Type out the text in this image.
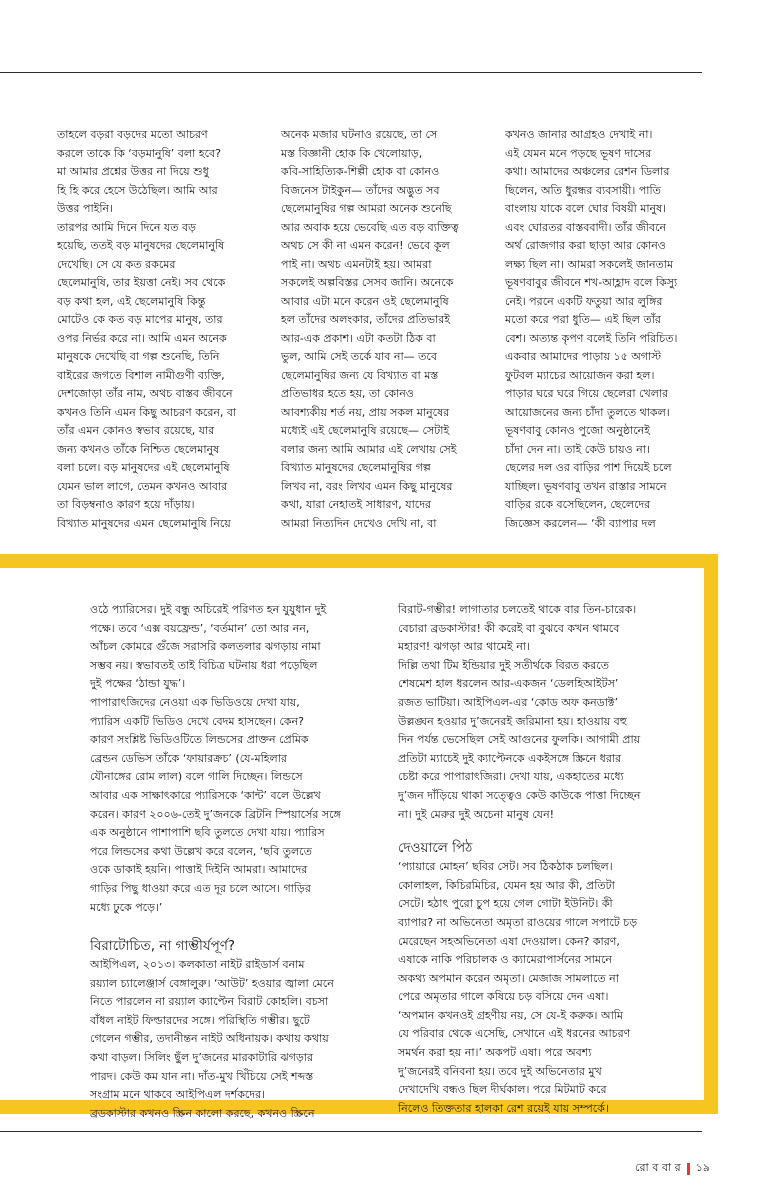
তাহলে বড়রা বড়দের মতো আচরণ

করলে তাকে কি ‘বড়মানুষি’ বলা হবে?

মা আমার প্রশ্নের উত্তর না দিয়ে শুধু

হি হি করে হেসে উঠেছিল। আমি আর

উত্তর পাইনি।

তারপর আমি দিনে দিনে যত বড়

হয়েছি, ততই বড় মানুষদের ছেলেমানুষি

দেখেছি। সে যে কত রকমের

ছেলেমানুষি, তার ইয়ত্তা নেই। সব থেকে

বড় কথা হল, এই ছেলেমানুষি কিন্তু

মোটেও কে কত বড় মাপের মানুষ, তার

ওপর নির্ভর করে না। আমি এমন অনেক

মানুষকে দেখেছি বা গল্প শুনেছি, তিনি

বাইরের জগতে বিশাল নামীগুণী ব্যক্তি,

দেশজোড়া তাঁর নাম, অথচ বাস্তব জীবনে

কখনও তিনি এমন কিছু আচরণ করেন, বা

তাঁর এমন কোনও স্বভাব রয়েছে, যার

জন্য কখনও তাঁকে নিশ্চিত ছেলেমানুষ

বলা চলে। বড় মানুষদের এই ছেলেমানুষি

যেমন ভাল লাগে, তেমন কখনও আবার

তা বিড়ম্বনাও কারণ হয়ে দাঁড়ায়।

বিখ্যাত মানুষদের এমন ছেলেমানুষি নিয়ে

অনেক মজার ঘটনাও রয়েছে, তা সে

মস্ত বিজ্ঞানী হোক কি খেলোয়াড়,

কবি-সাহিত্যিক-শিল্পী হোক বা কোনও

বিজনেস টাইকুন— তাঁদের অদ্ভুত সব

ছেলেমানুষির গল্প আমরা অনেক শুনেছি

আর অবাক হয়ে ভেবেছি এত বড় ব্যক্তিত্ব

অথচ সে কী না এমন করেন! ভেবে কূল

পাই না। অথচ এমনটাই হয়। আমরা

সকলেই অল্পবিস্তর সেসব জানি। অনেকে

আবার এটা মনে করেন ওই ছেলেমানুষি

হল তাঁদের অলংকার, তাঁদের প্রতিভারই

আর-এক প্রকাশ। এটা কতটা ঠিক বা

ভুল, আমি সেই তর্কে যাব না— তবে

ছেলেমানুষির জন্য যে বিখ্যাত বা মস্ত

প্রতিভাধর হতে হয়, তা কোনও

আবশ্যকীয় শর্ত নয়, প্রায় সকল মানুষের

মধ্যেই এই ছেলেমানুষি রয়েছে— সেটাই

বলার জন্য আমি আমার এই লেখায় সেই

বিখ্যাত মানুষদের ছেলেমানুষির গল্প

লিখব না, বরং লিখব এমন কিছু মানুষের

কথা, যারা নেহাতই সাধারণ, যাদের

আমরা নিত্যদিন দেখেও দেখি না, বা

কখনও জানার আগ্রহও দেখাই না।

এই যেমন মনে পড়ছে ভূষণ দাসের

কথা। আমাদের অঞ্চলের রেশন ডিলার

ছিলেন, অতি ধুরন্ধর ব্যবসায়ী। পাতি

বাংলায় যাকে বলে ঘোর বিষয়ী মানুষ।

এবং ঘোরতর বাস্তববাদী। তাঁর জীবনে

অর্থ রোজগার করা ছাড়া আর কোনও

লক্ষ্য ছিল না। আমরা সকলেই জানতাম

ভূষণবাবুর জীবনে শখ-আহ্লাদ বলে কিস্যু

নেই। পরনে একটি ফতুয়া আর লুঙ্গির

মতো করে পরা ধুতি— এই ছিল তাঁর

বেশ। অত্যন্ত কৃপণ বলেই তিনি পরিচিত।

একবার আমাদের পাড়ায় ১৫ অগাস্ট

ফুটবল ম্যাচের আয়োজন করা হল।

পাড়ার ঘরে ঘরে গিয়ে ছেলেরা খেলার

আয়োজনের জন্য চাঁদা তুলতে থাকল।

ভূষণবাবু কোনও পুজো অনুষ্ঠানেই

চাঁদা দেন না। তাই কেউ চায়ও না।

ছেলের দল ওর বাড়ির পাশ দিয়েই চলে

যাচ্ছিল। ভূষণবাবু তখন রাস্তার সামনে

বাড়ির রকে বসেছিলেন, ছেলেদের

জিজ্ঞেস করলেন— ‘কী ব্যাপার দল

ওঠে প্যারিসের। দুই বন্ধু অচিরেই পরিণত হন যুযুধান দুই

পক্ষে। তবে ‘এক্স বয়ফ্রেন্ড’, ‘বর্তমান’ তো আর নন,

আঁচল কোমরে গুঁজে সরাসরি কলতলার ঝগড়ায় নামা

সম্ভব নয়। স্বভাবতই তাই বিচিত্র ঘটনায় ধরা পড়েছিল

দুই পক্ষের ‘ঠান্ডা যুদ্ধ’।

পাপারাৎজিদের নেওয়া এক ভিডিওয়ে দেখা যায়,

প্যারিস একটি ভিডিও দেখে বেদম হাসছেন। কেন?

কারণ সংশ্লিষ্ট ভিডিওটিতে লিন্ডসের প্রাক্তন প্রেমিক

ব্রেন্ডন ডেভিস তাঁকে ‘ফায়ারক্রচ’ (যে-মহিলার

যৌনাঙ্গের রোম লাল) বলে গালি দিচ্ছেন। লিন্ডসে

আবার এক সাক্ষাৎকারে প্যারিসকে ‘কান্ট’ বলে উল্লেখ

করেন। কারণ ২০০৬-তেই দু’জনকে ব্রিটনি স্পিয়ার্সের সঙ্গে

এক অনুষ্ঠানে পাশাপাশি ছবি তুলতে দেখা যায়। প্যারিস

পরে লিন্ডসের কথা উল্লেখ করে বলেন, ‘ছবি তুলতে

ওকে ডাকাই হয়নি। পাত্তাই দিইনি আমরা। আমাদের

গাড়ির পিছু ধাওয়া করে এত দূর চলে আসে। গাড়ির

মধ্যে ঢুকে পড়ে।’

বিরাটোচিত, না গাম্ভীর্যপূর্ণ?

আইপিএল, ২০১৩। কলকাতা নাইট রাইডার্স বনাম

রয়্যাল চ্যালেঞ্জার্স বেঙ্গালুরু। ‘আউট’ হওয়ার জ্বালা মেনে

নিতে পারলেন না রয়্যাল ক্যাপ্টেন বিরাট কোহলি। বচসা

বাঁধল নাইট ফিল্ডারদের সঙ্গে। পরিস্থিতি গম্ভীর। ছুটে

গেলেন গম্ভীর, তদানীন্তন নাইট অধিনায়ক। কথায় কথায়

কথা বাড়ল। সিলিং ছুঁল দু’জনের মারকাটারি ঝগড়ার

পারদ। কেউ কম যান না। দাঁত-মুখ খিঁচিয়ে সেই শব্দস্ত

সংগ্রাম মনে থাকবে আইপিএল দর্শকদের।

ব্রডকাস্টার কখনও স্ক্রিন কালো করছে, কখনও স্ক্রিনে

বিরাট-গম্ভীর! লাগাতার চলতেই থাকে বার তিন-চারেক।

বেচারা ব্রডকাস্টার! কী করেই বা বুঝবে কখন থামবে

মহারণ! ঝগড়া আর থামেই না।

দিল্লি তথা টিম ইন্ডিয়ার দুই সতীর্থকে বিরত করতে

শেষমেশ হাল ধরলেন আর-একজন ‘ডেলহিআইটস’

রজত ভাটিয়া। আইপিএল-এর ‘কোড অফ কনডাক্ট’

উল্লঙ্ঘন হওয়ার দু’জনেরই জরিমানা হয়। হাওয়ায় বহু

দিন পর্যন্ত ভেসেছিল সেই আগুনের ফুলকি। আগামী প্রায়

প্রতিটা ম্যাচেই দুই ক্যাপ্টেনকে একইসঙ্গে স্ক্রিনে ধরার

চেষ্টা করে পাপারাৎজিরা। দেখা যায়, একহাতের মধ্যে

দু’জন দাঁড়িয়ে থাকা সত্ত্বেও কেউ কাউকে পাত্তা দিচ্ছেন

না। দুই মেরুর দুই অচেনা মানুষ যেন!

দেওয়ালে পিঠ

‘প্যায়ারে মোহন’ ছবির সেট। সব ঠিকঠাক চলছিল।

কোলাহল, কিচিরমিচির, যেমন হয় আর কী, প্রতিটা

সেটে। হঠাৎ পুরো চুপ হয়ে গেল গোটা ইউনিট। কী

ব্যাপার? না অভিনেতা অমৃতা রাওয়ের গালে সপাটে চড়

মেরেছেন সহঅভিনেতা এষা দেওয়াল। কেন? কারণ,

এষাকে নাকি পরিচালক ও ক্যামেরাপার্সনের সামনে

অকথ্য অপমান করেন অমৃতা। মেজাজ সামলাতে না

পেরে অমৃতার গালে কষিয়ে চড় বসিয়ে দেন এষা।

‘অপমান কখনওই গ্রহণীয় নয়, সে যে-ই করুক। আমি

যে পরিবার থেকে এসেছি, সেখানে এই ধরনের আচরণ

সমর্থন করা হয় না।’ অকপট এষা। পরে অবশ্য

দু’জনেরই বনিবনা হয়। তবে দুই অভিনেতার মুখ

দেখাদেখি বন্ধও ছিল দীর্ঘকাল। পরে মিটমাট করে

নিলেও তিক্ততার হালকা রেশ রয়েই যায় সম্পর্কে।

রো ব বা র ১৯
